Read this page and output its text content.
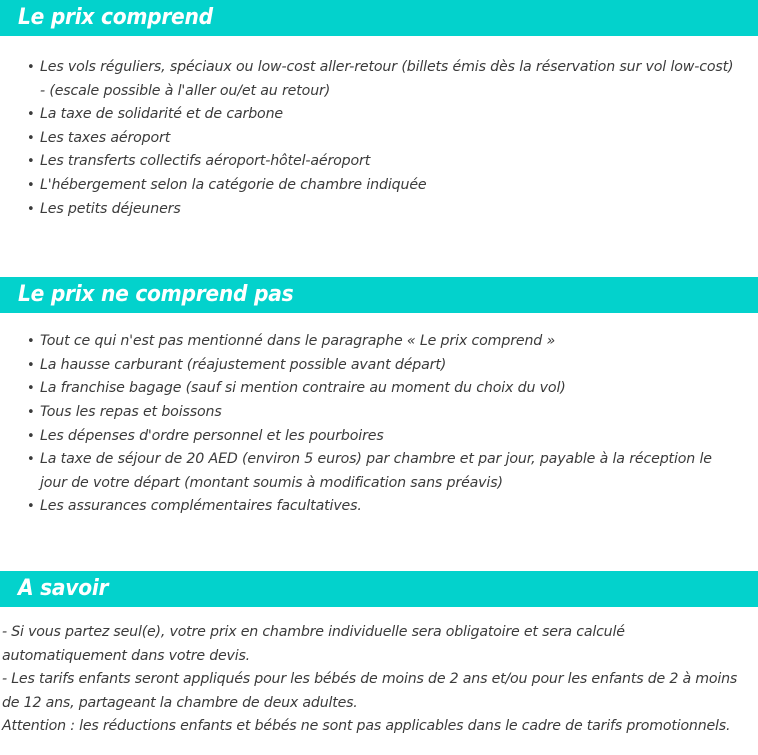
Le prix comprend
• Les vols réguliers, spéciaux ou low-cost aller-retour (billets émis dès la réservation sur vol low-cost) - (escale possible à l'aller ou/et au retour)
• La taxe de solidarité et de carbone
• Les taxes aéroport
• Les transferts collectifs aéroport-hôtel-aéroport
• L'hébergement selon la catégorie de chambre indiquée
• Les petits déjeuners
Le prix ne comprend pas
• Tout ce qui n'est pas mentionné dans le paragraphe « Le prix comprend »
• La hausse carburant (réajustement possible avant départ)
• La franchise bagage (sauf si mention contraire au moment du choix du vol)
• Tous les repas et boissons
• Les dépenses d'ordre personnel et les pourboires
• La taxe de séjour de 20 AED (environ 5 euros) par chambre et par jour, payable à la réception le jour de votre départ (montant soumis à modification sans préavis)
• Les assurances complémentaires facultatives.
A savoir

- Si vous partez seul(e), votre prix en chambre individuelle sera obligatoire et sera calculé automatiquement dans votre devis.

- Les tarifs enfants seront appliqués pour les bébés de moins de 2 ans et/ou pour les enfants de 2 à moins de 12 ans, partageant la chambre de deux adultes.

Attention : les réductions enfants et bébés ne sont pas applicables dans le cadre de tarifs promotionnels.
